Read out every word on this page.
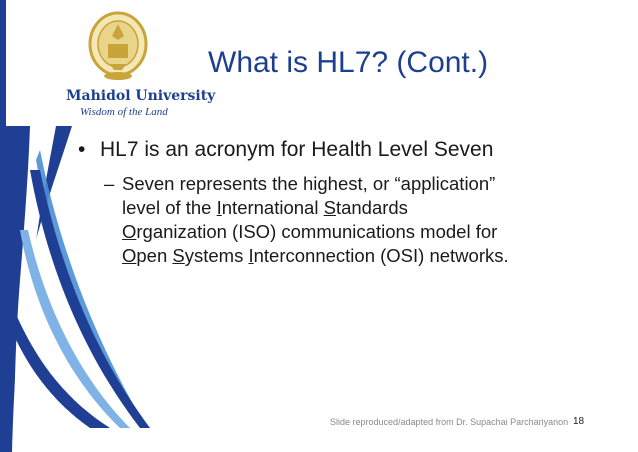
Mahidol University
Wisdom of the Land
What is HL7? (Cont.)
• HL7 is an acronym for Health Level Seven
– Seven represents the highest, or “application”
level of the International Standards
Organization (ISO) communications model for
Open Systems Interconnection (OSI) networks.
Slide reproduced/adapted from Dr. Supachai Parchariyanon 18
